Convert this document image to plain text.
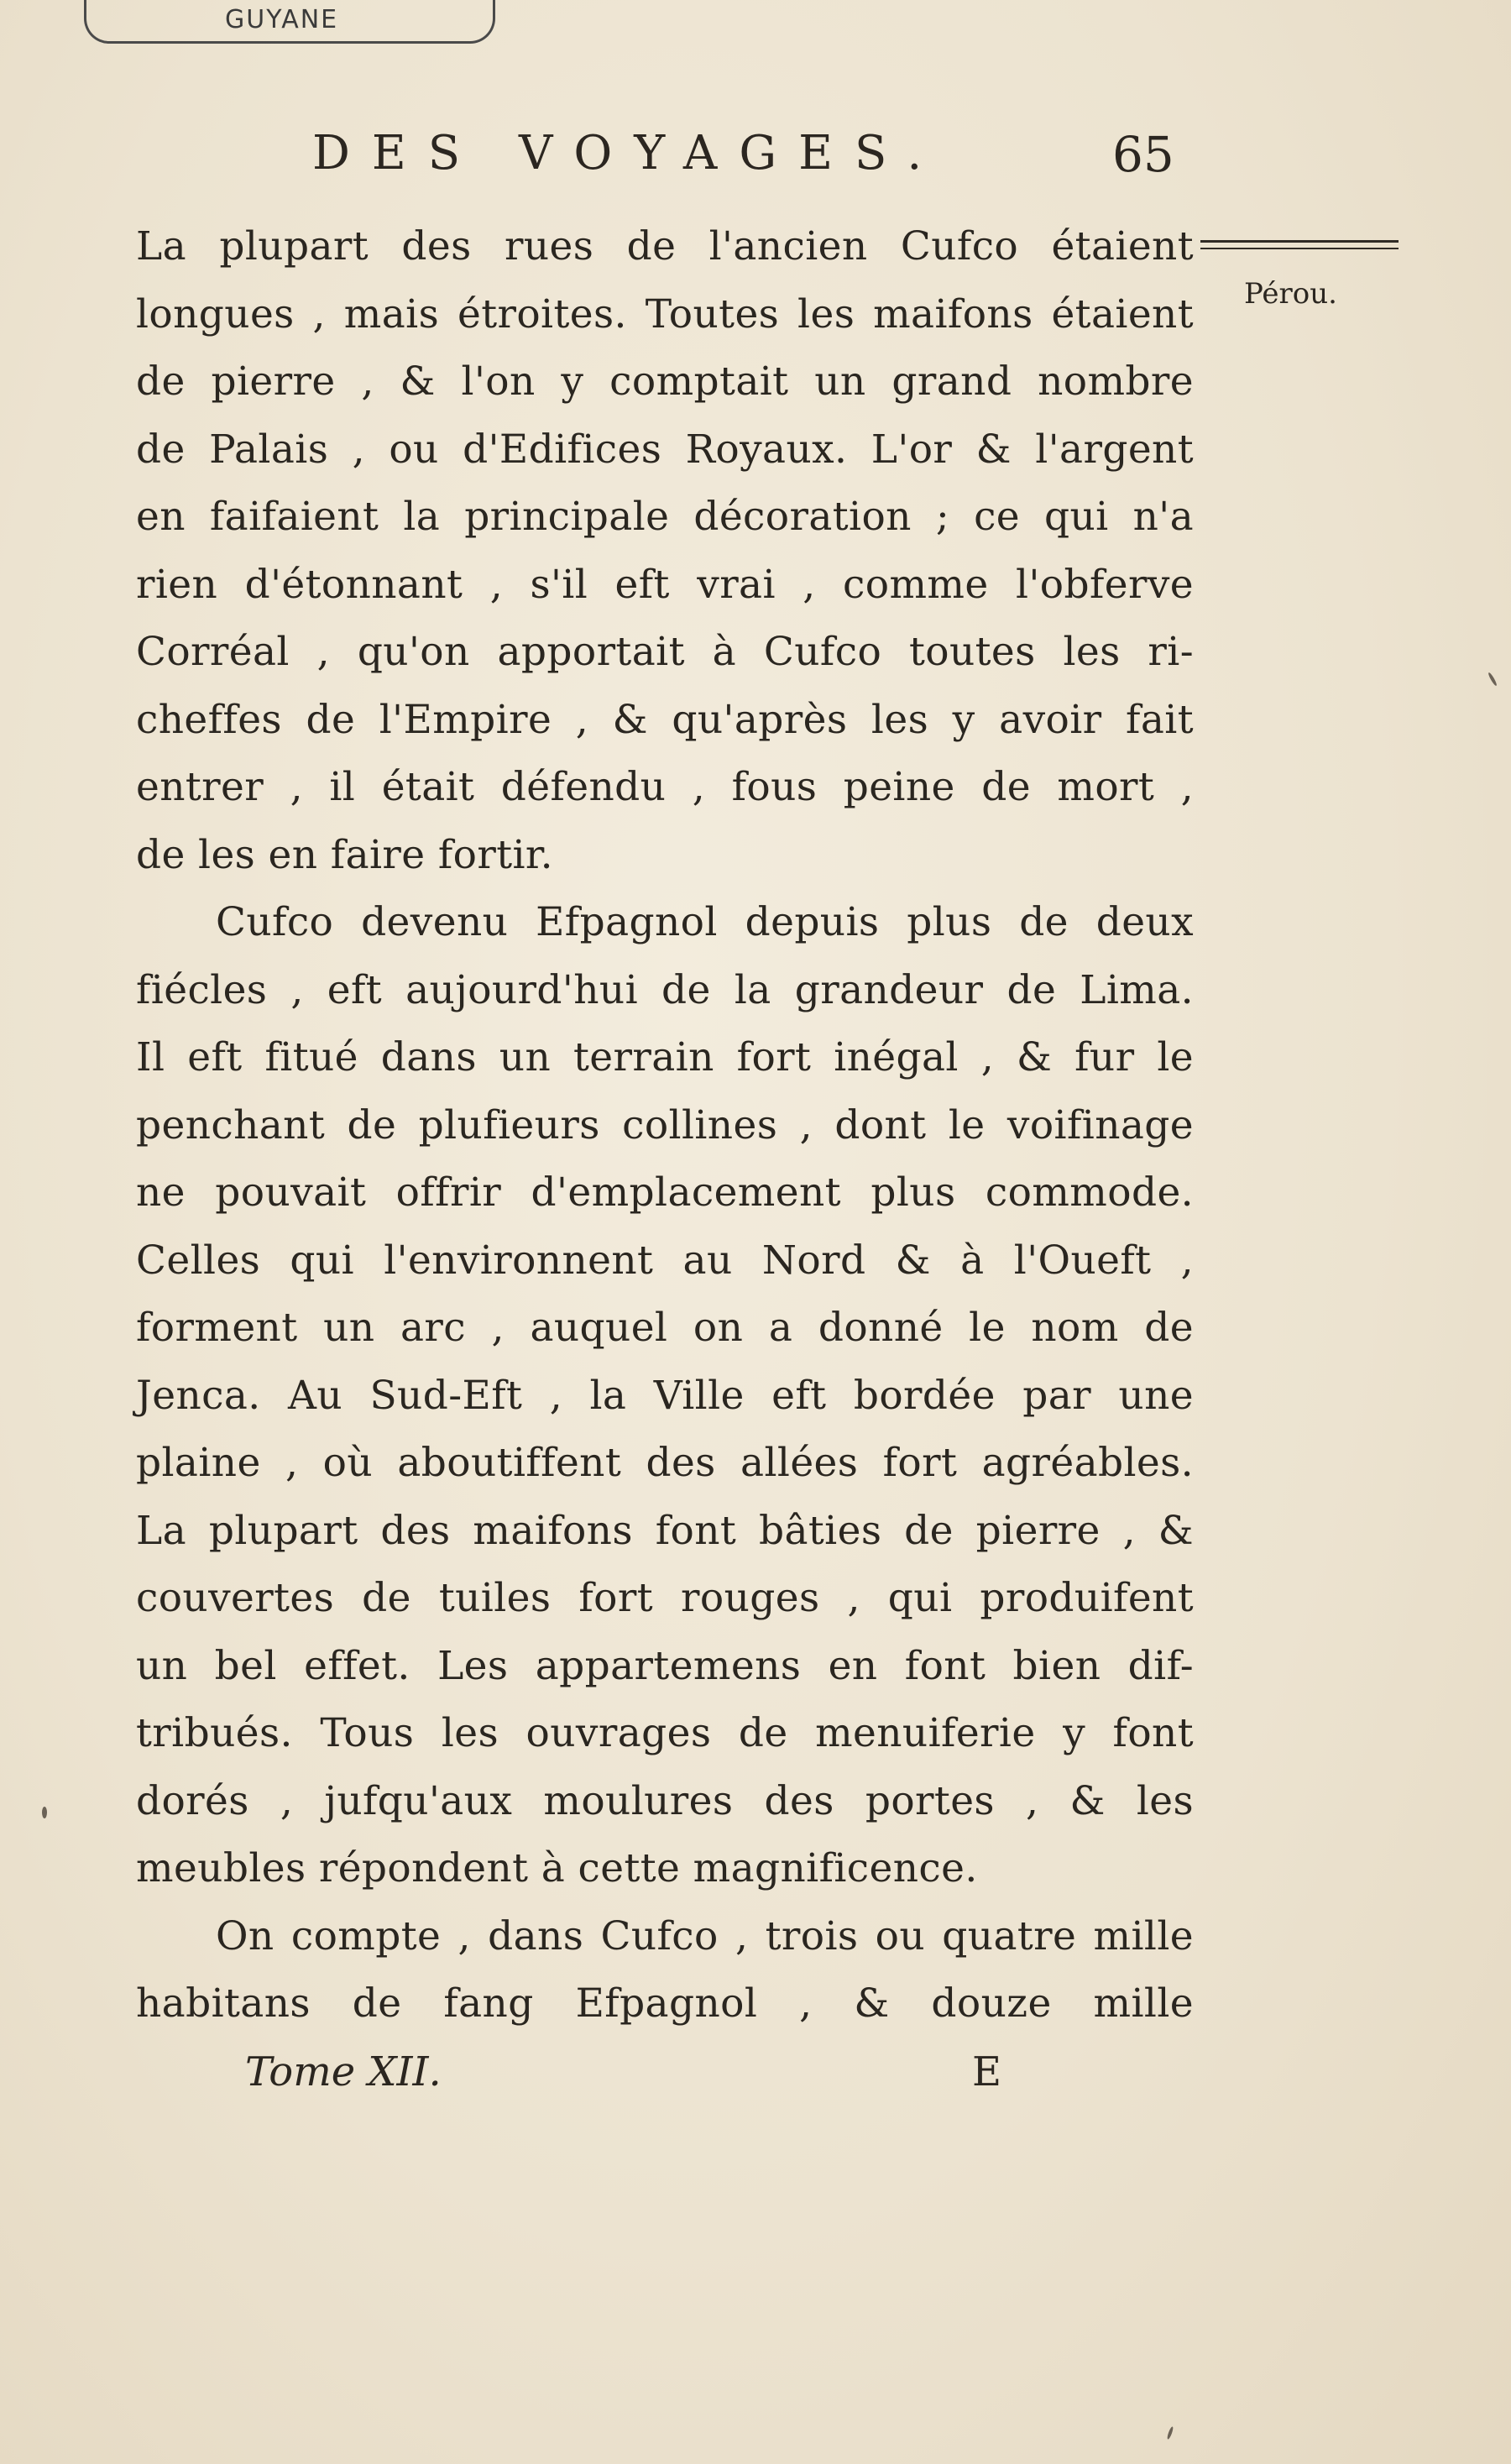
GUYANE
DES VOYAGES.	65
Pérou.
La plupart des rues de l'ancien Cufco étaient
longues , mais étroites. Toutes les maifons étaient
de pierre , & l'on y comptait un grand nombre
de Palais , ou d'Edifices Royaux. L'or & l'argent
en faifaient la principale décoration ; ce qui n'a
rien d'étonnant , s'il eft vrai , comme l'obferve
Corréal , qu'on apportait à Cufco toutes les ri-
cheffes de l'Empire , & qu'après les y avoir fait
entrer , il était défendu , fous peine de mort ,
de les en faire fortir.
Cufco devenu Efpagnol depuis plus de deux
fiécles , eft aujourd'hui de la grandeur de Lima.
Il eft fitué dans un terrain fort inégal , & fur le
penchant de plufieurs collines , dont le voifinage
ne pouvait offrir d'emplacement plus commode.
Celles qui l'environnent au Nord & à l'Oueft ,
forment un arc , auquel on a donné le nom de
Jenca. Au Sud-Eft , la Ville eft bordée par une
plaine , où aboutiffent des allées fort agréables.
La plupart des maifons font bâties de pierre , &
couvertes de tuiles fort rouges , qui produifent
un bel effet. Les appartemens en font bien dif-
tribués. Tous les ouvrages de menuiferie y font
dorés , jufqu'aux moulures des portes , & les
meubles répondent à cette magnificence.
On compte , dans Cufco , trois ou quatre mille
habitans de fang Efpagnol , & douze mille
Tome XII.	E
